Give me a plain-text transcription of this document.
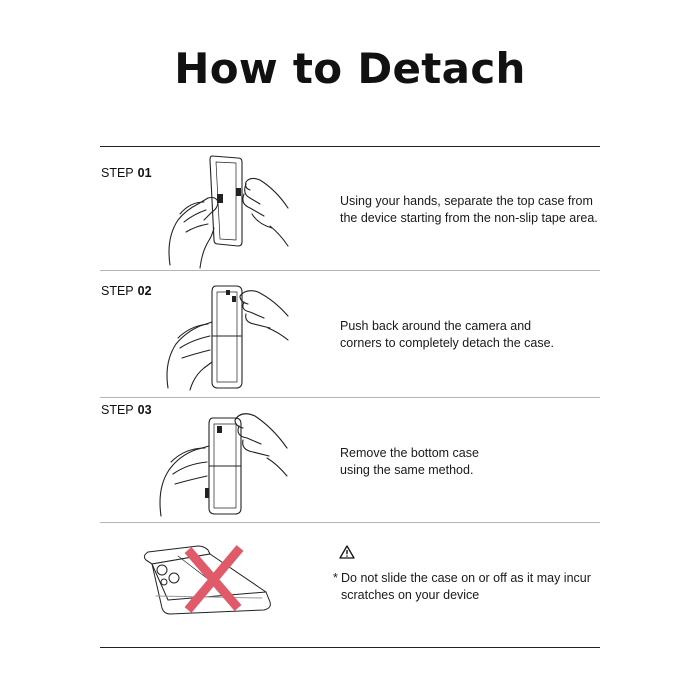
How to Detach
STEP 01
Using your hands, separate the top case from
the device starting from the non-slip tape area.
STEP 02
Push back around the camera and
corners to completely detach the case.
STEP 03
Remove the bottom case
using the same method.
* Do not slide the case on or off as it may incur
scratches on your device
